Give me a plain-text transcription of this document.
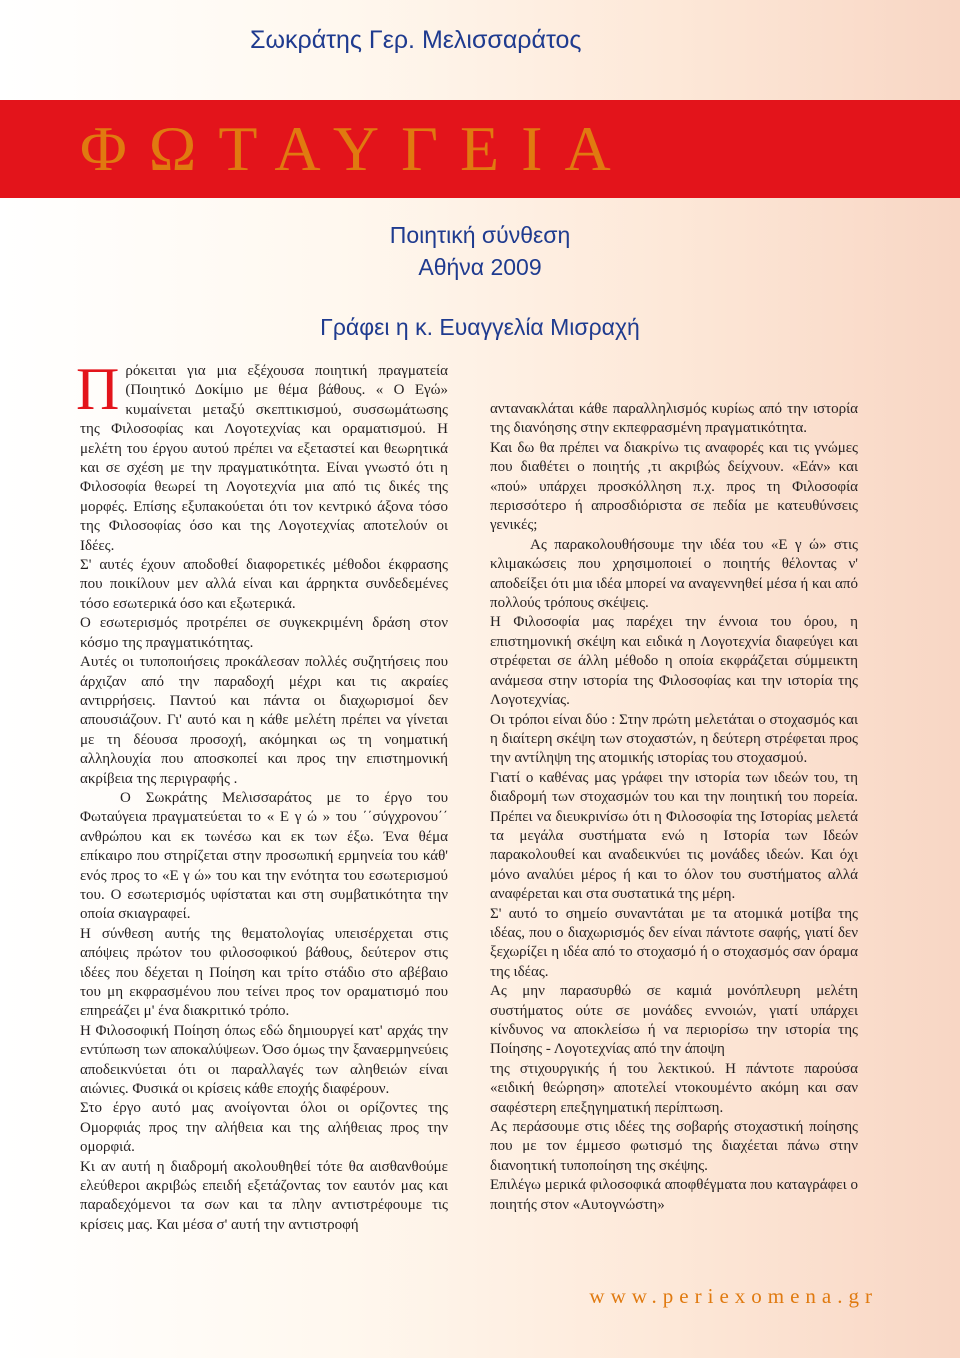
Σωκράτης Γερ. Μελισσαράτος
ΦΩΤΑΥΓΕΙΑ
Ποιητική σύνθεση
Αθήνα 2009
Γράφει η κ. Ευαγγελία Μισραχή

Πρόκειται για μια εξέχουσα ποιητική πραγματεία (Ποιητικό Δοκίμιο με θέμα βάθους. « Ο Εγώ» κυμαίνεται μεταξύ σκεπτικισμού, συσσωμάτωσης της Φιλοσοφίας και Λογοτεχνίας και οραματισμού. Η μελέτη του έργου αυτού πρέπει να εξεταστεί και θεωρητικά και σε σχέση με την πραγματικότητα. Είναι γνωστό ότι η Φιλοσοφία θεωρεί τη Λογοτεχνία μια από τις δικές της μορφές. Επίσης εξυπακούεται ότι τον κεντρικό άξονα τόσο της Φιλοσοφίας όσο και της Λογοτεχνίας αποτελούν οι Ιδέες.

Σ' αυτές έχουν αποδοθεί διαφορετικές μέθοδοι έκφρασης που ποικίλουν μεν αλλά είναι και άρρηκτα συνδεδεμένες τόσο εσωτερικά όσο και εξωτερικά.

Ο εσωτερισμός προτρέπει σε συγκεκριμένη δράση στον κόσμο της πραγματικότητας.

Αυτές οι τυποποιήσεις προκάλεσαν πολλές συζητήσεις που άρχιζαν από την παραδοχή μέχρι και τις ακραίες αντιρρήσεις. Παντού και πάντα οι διαχωρισμοί δεν απουσιάζουν. Γι' αυτό και η κάθε μελέτη πρέπει να γίνεται με τη δέουσα προσοχή, ακόμηκαι ως τη νοηματική αλληλουχία που αποσκοπεί και προς την επιστημονική ακρίβεια της περιγραφής .

Ο Σωκράτης Μελισσαράτος με το έργο του Φωταύγεια πραγματεύεται το « Ε γ ώ » του ΄΄σύγχρονου΄΄ ανθρώπου και εκ τωνέσω και εκ των έξω. Ένα θέμα επίκαιρο που στηρίζεται στην προσωπική ερμηνεία του κάθ' ενός προς το «Ε γ ώ» του και την ενότητα του εσωτερισμού του. Ο εσωτερισμός υφίσταται και στη συμβατικότητα την οποία σκιαγραφεί.

Η σύνθεση αυτής της θεματολογίας υπεισέρχεται στις απόψεις πρώτον του φιλοσοφικού βάθους, δεύτερον στις ιδέες που δέχεται η Ποίηση και τρίτο στάδιο στο αβέβαιο του μη εκφρασμένου που τείνει προς τον οραματισμό που επηρεάζει μ' ένα διακριτικό τρόπο.

Η Φιλοσοφική Ποίηση όπως εδώ δημιουργεί κατ' αρχάς την εντύπωση των αποκαλύψεων. Όσο όμως την ξαναερμηνεύεις αποδεικνύεται ότι οι παραλλαγές των αληθειών είναι αιώνιες. Φυσικά οι κρίσεις κάθε εποχής διαφέρουν.

Στο έργο αυτό μας ανοίγονται όλοι οι ορίζοντες της Ομορφιάς προς την αλήθεια και της αλήθειας προς την ομορφιά.

Κι αν αυτή η διαδρομή ακολουθηθεί τότε θα αισθανθούμε ελεύθεροι ακριβώς επειδή εξετάζοντας τον εαυτόν μας και παραδεχόμενοι τα σων και τα πλην αντιστρέφουμε τις κρίσεις μας. Και μέσα σ' αυτή την αντιστροφή

αντανακλάται κάθε παραλληλισμός κυρίως από την ιστορία της διανόησης στην εκπεφρασμένη πραγματικότητα.

Και δω θα πρέπει να διακρίνω τις αναφορές και τις γνώμες που διαθέτει ο ποιητής ,τι ακριβώς δείχνουν. «Εάν» και «πού» υπάρχει προσκόλληση π.χ. προς τη Φιλοσοφία περισσότερο ή απροσδιόριστα σε πεδία με κατευθύνσεις γενικές;

Ας παρακολουθήσουμε την ιδέα του «Ε γ ώ» στις κλιμακώσεις που χρησιμοποιεί ο ποιητής θέλοντας ν' αποδείξει ότι μια ιδέα μπορεί να αναγεννηθεί μέσα ή και από πολλούς τρόπους σκέψεις.

Η Φιλοσοφία μας παρέχει την έννοια του όρου, η επιστημονική σκέψη και ειδικά η Λογοτεχνία διαφεύγει και στρέφεται σε άλλη μέθοδο η οποία εκφράζεται σύμμεικτη ανάμεσα στην ιστορία της Φιλοσοφίας και την ιστορία της Λογοτεχνίας.

Οι τρόποι είναι δύο : Στην πρώτη μελετάται ο στοχασμός και η διαίτερη σκέψη των στοχαστών, η δεύτερη στρέφεται προς την αντίληψη της ατομικής ιστορίας του στοχασμού.

Γιατί ο καθένας μας γράφει την ιστορία των ιδεών του, τη διαδρομή των στοχασμών του και την ποιητική του πορεία. Πρέπει να διευκρινίσω ότι η Φιλοσοφία της Ιστορίας μελετά τα μεγάλα συστήματα ενώ η Ιστορία των Ιδεών παρακολουθεί και αναδεικνύει τις μονάδες ιδεών. Και όχι μόνο αναλύει μέρος ή και το όλον του συστήματος αλλά αναφέρεται και στα συστατικά της μέρη.

Σ' αυτό το σημείο συναντάται με τα ατομικά μοτίβα της ιδέας, που ο διαχωρισμός δεν είναι πάντοτε σαφής, γιατί δεν ξεχωρίζει η ιδέα από το στοχασμό ή ο στοχασμός σαν όραμα της ιδέας.

Ας μην παρασυρθώ σε καμιά μονόπλευρη μελέτη συστήματος ούτε σε μονάδες εννοιών, γιατί υπάρχει κίνδυνος να αποκλείσω ή να περιορίσω την ιστορία της Ποίησης - Λογοτεχνίας από την άποψη

της στιχουργικής ή του λεκτικού. Η πάντοτε παρούσα «ειδική θεώρηση» αποτελεί ντοκουμέντο ακόμη και σαν σαφέστερη επεξηγηματική περίπτωση.

Ας περάσουμε στις ιδέες της σοβαρής στοχαστική ποίησης που με τον έμμεσο φωτισμό της διαχέεται πάνω στην διανοητική τυποποίηση της σκέψης.

Επιλέγω μερικά φιλοσοφικά αποφθέγματα που καταγράφει ο ποιητής στον «Αυτογνώστη»

www.periexomena.gr
